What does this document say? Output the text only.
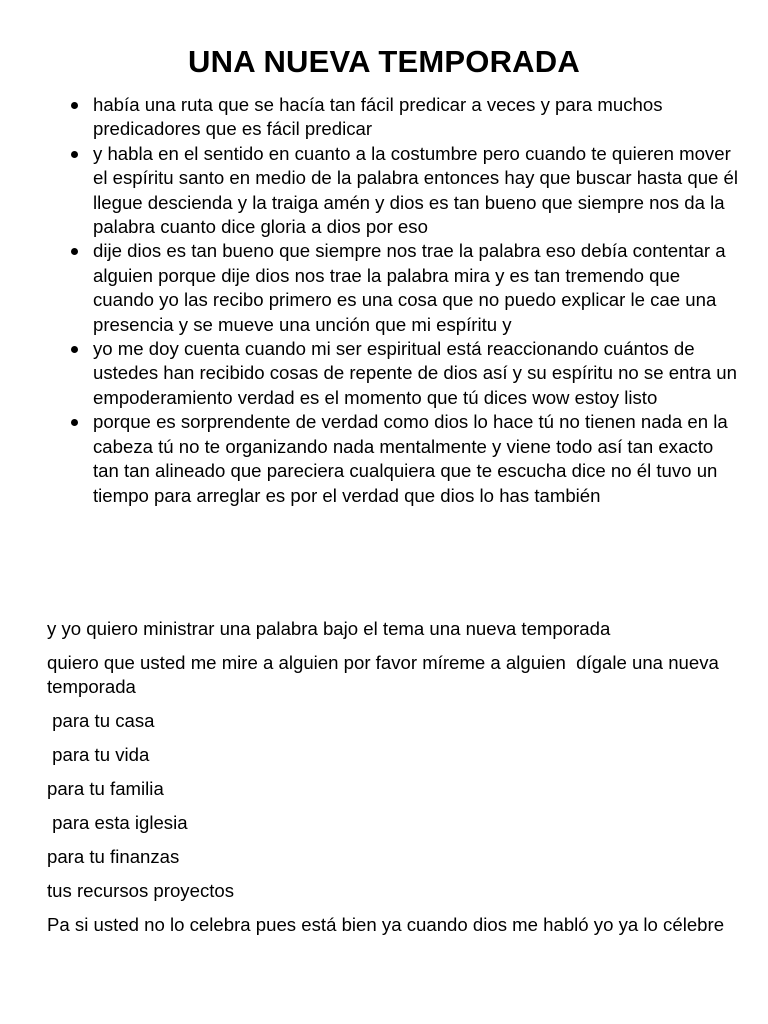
UNA NUEVA TEMPORADA
había una ruta que se hacía tan fácil predicar a veces y para muchos predicadores que es fácil predicar
y habla en el sentido en cuanto a la costumbre pero cuando te quieren mover el espíritu santo en medio de la palabra entonces hay que buscar hasta que él llegue descienda y la traiga amén y dios es tan bueno que siempre nos da la palabra cuanto dice gloria a dios por eso
dije dios es tan bueno que siempre nos trae la palabra eso debía contentar a alguien porque dije dios nos trae la palabra mira y es tan tremendo que cuando yo las recibo primero es una cosa que no puedo explicar le cae una presencia y se mueve una unción que mi espíritu y
yo me doy cuenta cuando mi ser espiritual está reaccionando cuántos de ustedes han recibido cosas de repente de dios así y su espíritu no se entra un empoderamiento verdad es el momento que tú dices wow estoy listo
porque es sorprendente de verdad como dios lo hace tú no tienen nada en la cabeza tú no te organizando nada mentalmente y viene todo así tan exacto tan tan alineado que pareciera cualquiera que te escucha dice no él tuvo un tiempo para arreglar es por el verdad que dios lo has también

y yo quiero ministrar una palabra bajo el tema una nueva temporada

quiero que usted me mire a alguien por favor míreme a alguien  dígale una nueva temporada

para tu casa

para tu vida

para tu familia

para esta iglesia

para tu finanzas

tus recursos proyectos

Pa si usted no lo celebra pues está bien ya cuando dios me habló yo ya lo célebre
